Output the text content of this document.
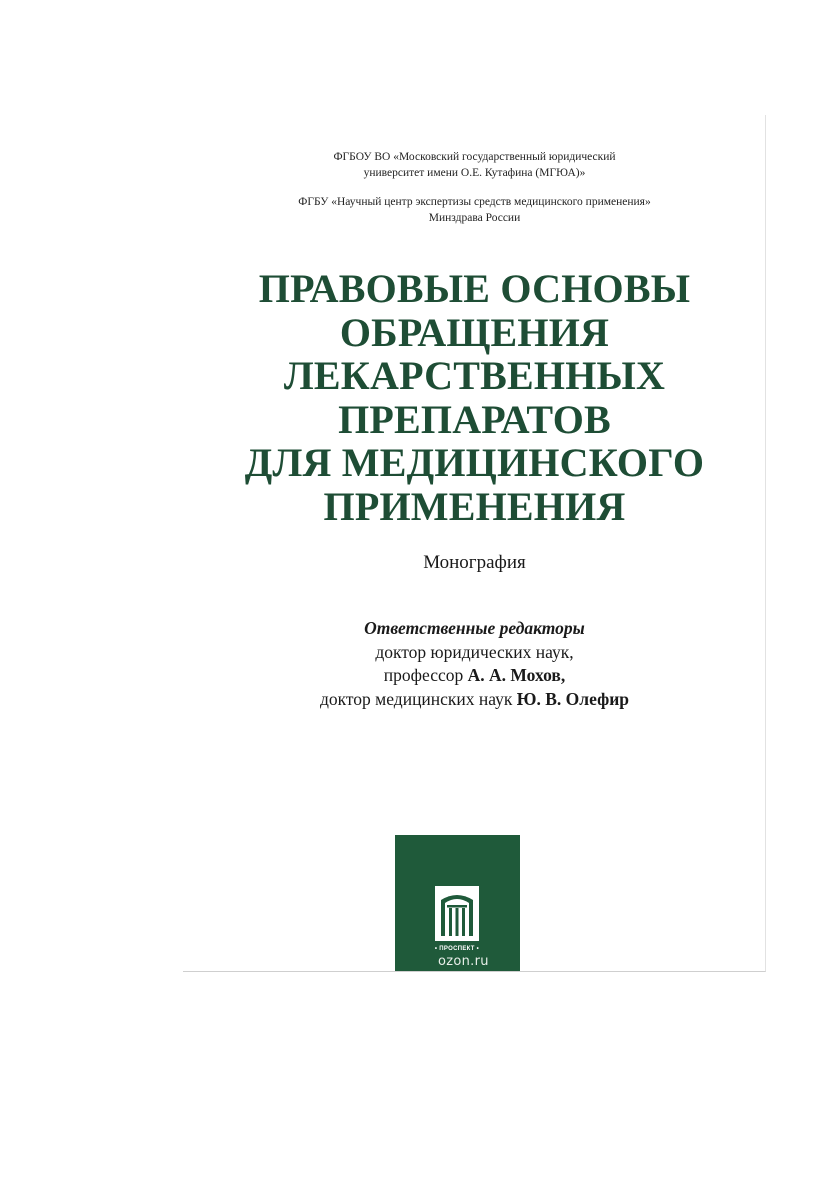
ФГБОУ ВО «Московский государственный юридический
университет имени О.Е. Кутафина (МГЮА)»
ФГБУ «Научный центр экспертизы средств медицинского применения»
Минздрава России
ПРАВОВЫЕ ОСНОВЫ
ОБРАЩЕНИЯ
ЛЕКАРСТВЕННЫХ
ПРЕПАРАТОВ
ДЛЯ МЕДИЦИНСКОГО
ПРИМЕНЕНИЯ
Монография
Ответственные редакторы
доктор юридических наук,
профессор А. А. Мохов,
доктор медицинских наук Ю. В. Олефир
• ПРОСПЕКТ •
ozon.ru
